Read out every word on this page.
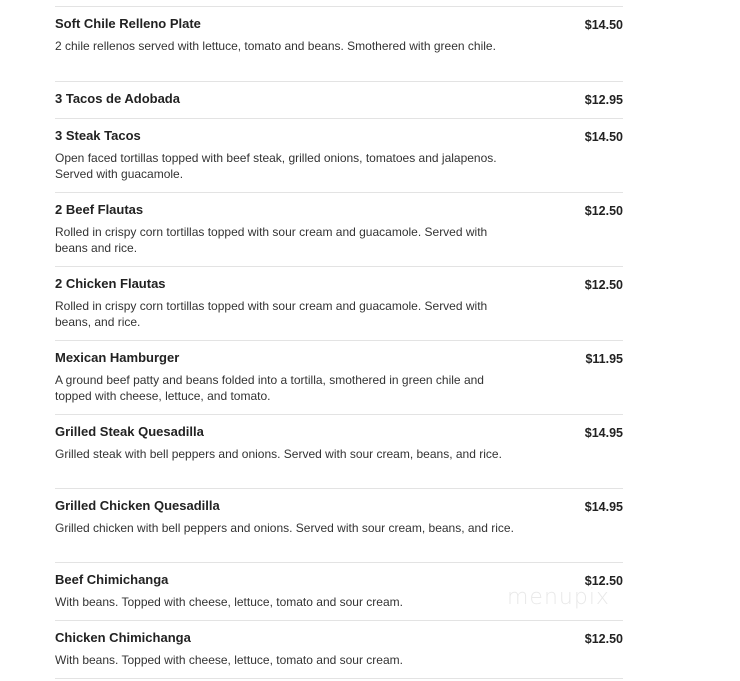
Soft Chile Relleno Plate	$14.50
2 chile rellenos served with lettuce, tomato and beans. Smothered with green chile.
3 Tacos de Adobada	$12.95
3 Steak Tacos	$14.50
Open faced tortillas topped with beef steak, grilled onions, tomatoes and jalapenos. Served with guacamole.
2 Beef Flautas	$12.50
Rolled in crispy corn tortillas topped with sour cream and guacamole. Served with beans and rice.
2 Chicken Flautas	$12.50
Rolled in crispy corn tortillas topped with sour cream and guacamole. Served with beans, and rice.
Mexican Hamburger	$11.95
A ground beef patty and beans folded into a tortilla, smothered in green chile and topped with cheese, lettuce, and tomato.
Grilled Steak Quesadilla	$14.95
Grilled steak with bell peppers and onions. Served with sour cream, beans, and rice.
Grilled Chicken Quesadilla	$14.95
Grilled chicken with bell peppers and onions. Served with sour cream, beans, and rice.
Beef Chimichanga	$12.50
With beans. Topped with cheese, lettuce, tomato and sour cream.
Chicken Chimichanga	$12.50
With beans. Topped with cheese, lettuce, tomato and sour cream.
menupix
